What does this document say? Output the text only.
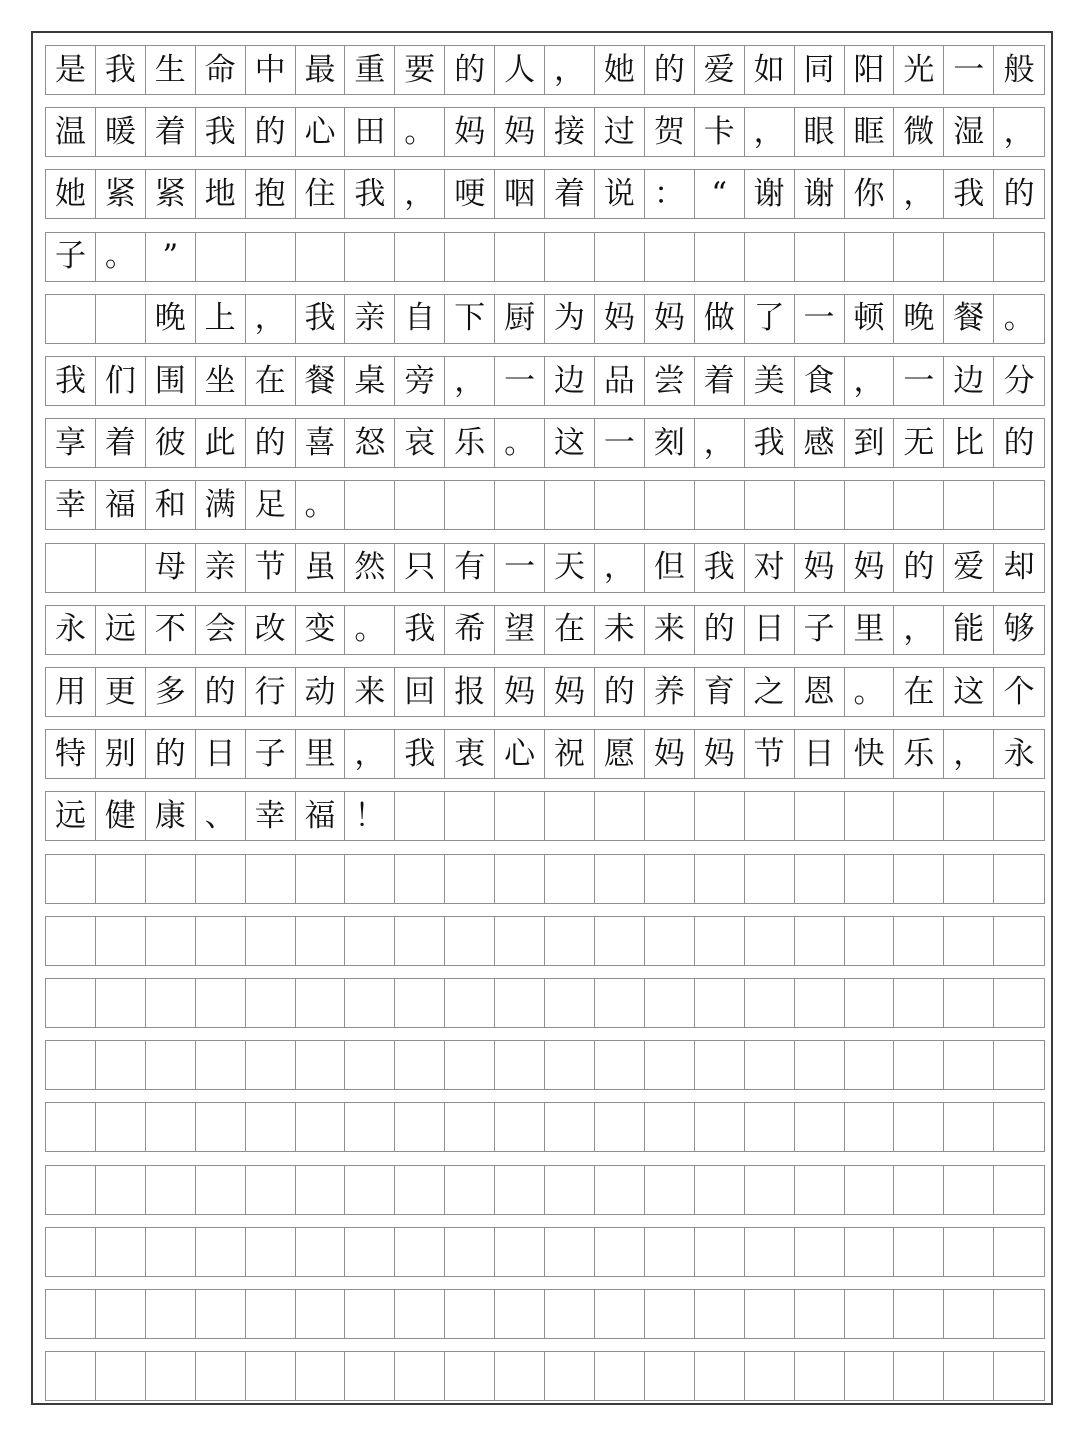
是 我 生 命 中 最 重 要 的 人 ， 她 的 爱 如 同 阳 光 一 般
温 暖 着 我 的 心 田 。 妈 妈 接 过 贺 卡 ， 眼 眶 微 湿 ，
她 紧 紧 地 抱 住 我 ， 哽 咽 着 说 ： “ 谢 谢 你 ， 我 的
子 。 ”
晚 上 ， 我 亲 自 下 厨 为 妈 妈 做 了 一 顿 晚 餐 。
我 们 围 坐 在 餐 桌 旁 ， 一 边 品 尝 着 美 食 ， 一 边 分
享 着 彼 此 的 喜 怒 哀 乐 。 这 一 刻 ， 我 感 到 无 比 的
幸 福 和 满 足 。
母 亲 节 虽 然 只 有 一 天 ， 但 我 对 妈 妈 的 爱 却
永 远 不 会 改 变 。 我 希 望 在 未 来 的 日 子 里 ， 能 够
用 更 多 的 行 动 来 回 报 妈 妈 的 养 育 之 恩 。 在 这 个
特 别 的 日 子 里 ， 我 衷 心 祝 愿 妈 妈 节 日 快 乐 ， 永
远 健 康 、 幸 福 ！
